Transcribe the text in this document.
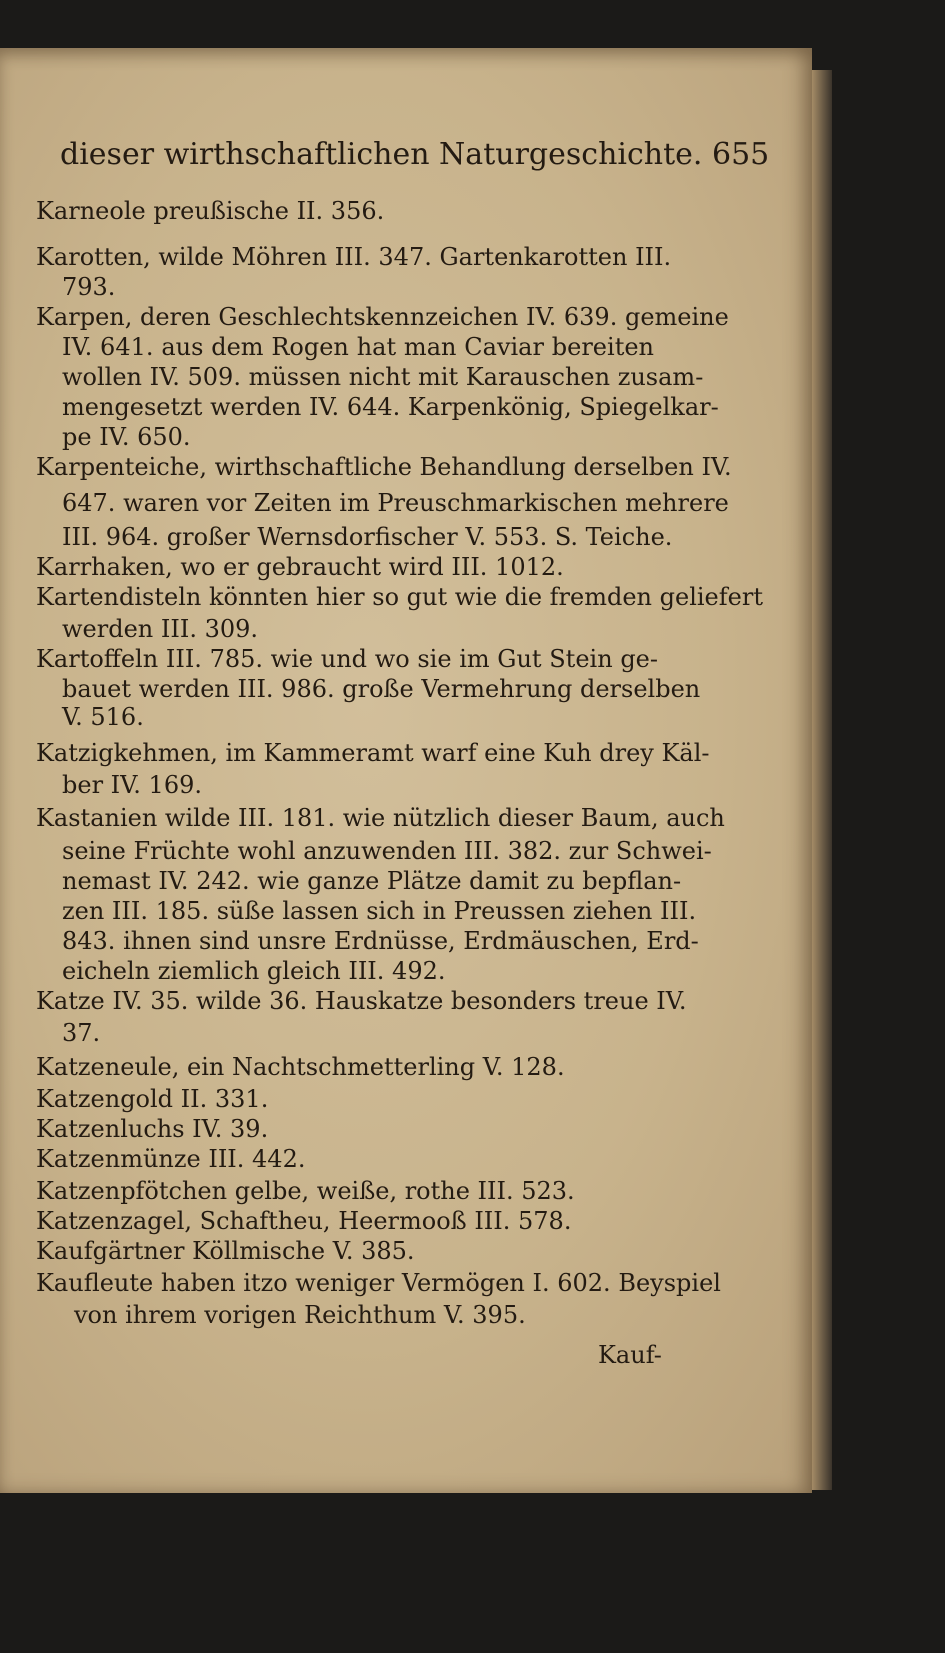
dieser wirthschaftlichen Naturgeschichte. 655
Karneole preußische II. 356.
Karotten, wilde Möhren III. 347. Gartenkarotten III.
793.
Karpen, deren Geschlechtskennzeichen IV. 639. gemeine
IV. 641. aus dem Rogen hat man Caviar bereiten
wollen IV. 509. müssen nicht mit Karauschen zusam-
mengesetzt werden IV. 644. Karpenkönig, Spiegelkar-
pe IV. 650.
Karpenteiche, wirthschaftliche Behandlung derselben IV.
647. waren vor Zeiten im Preuschmarkischen mehrere
III. 964. großer Wernsdorfischer V. 553. S. Teiche.
Karrhaken, wo er gebraucht wird III. 1012.
Kartendisteln könnten hier so gut wie die fremden geliefert
werden III. 309.
Kartoffeln III. 785. wie und wo sie im Gut Stein ge-
bauet werden III. 986. große Vermehrung derselben
V. 516.
Katzigkehmen, im Kammeramt warf eine Kuh drey Käl-
ber IV. 169.
Kastanien wilde III. 181. wie nützlich dieser Baum, auch
seine Früchte wohl anzuwenden III. 382. zur Schwei-
nemast IV. 242. wie ganze Plätze damit zu bepflan-
zen III. 185. süße lassen sich in Preussen ziehen III.
843. ihnen sind unsre Erdnüsse, Erdmäuschen, Erd-
eicheln ziemlich gleich III. 492.
Katze IV. 35. wilde 36. Hauskatze besonders treue IV.
37.
Katzeneule, ein Nachtschmetterling V. 128.
Katzengold II. 331.
Katzenluchs IV. 39.
Katzenmünze III. 442.
Katzenpfötchen gelbe, weiße, rothe III. 523.
Katzenzagel, Schaftheu, Heermooß III. 578.
Kaufgärtner Köllmische V. 385.
Kaufleute haben itzo weniger Vermögen I. 602. Beyspiel
von ihrem vorigen Reichthum V. 395.
Kauf-
